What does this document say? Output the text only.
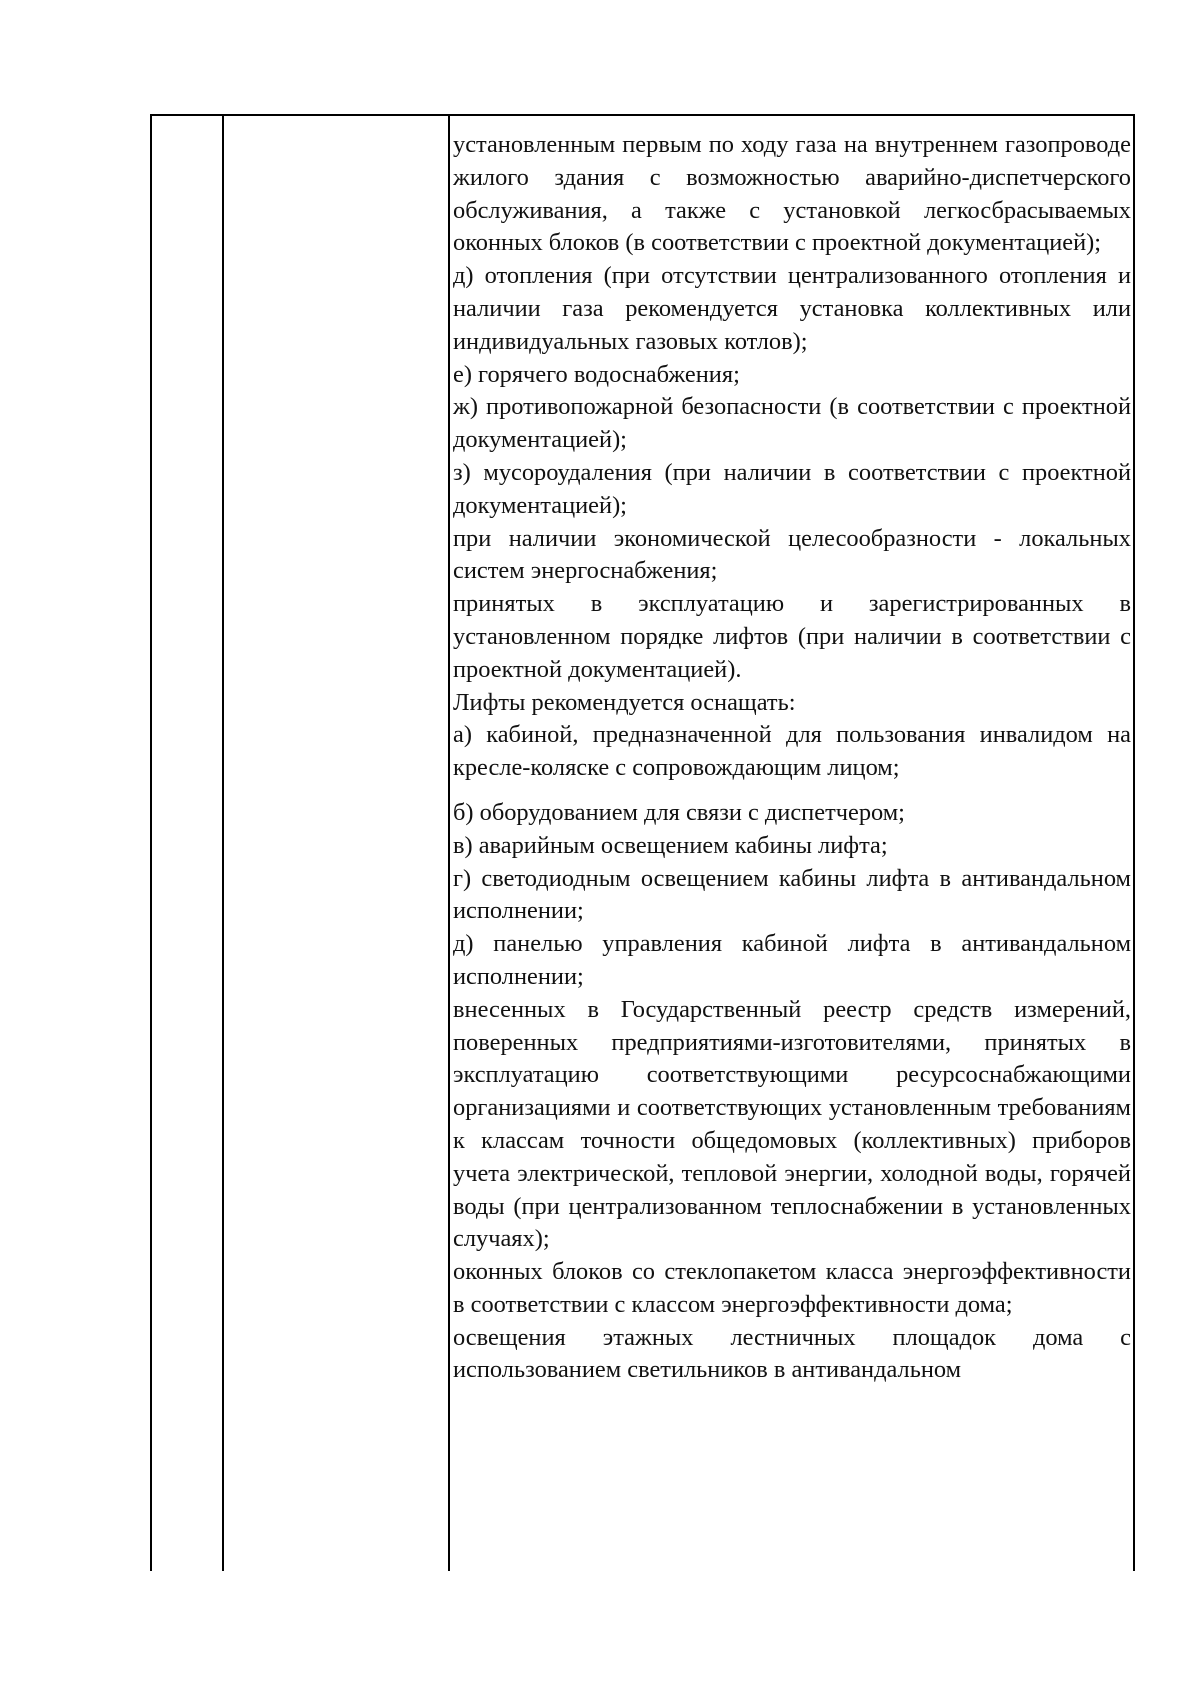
установленным первым по ходу газа на внутреннем газопроводе жилого здания с возможностью аварийно-диспетчерского обслуживания, а также с установкой легкосбрасываемых оконных блоков (в соответствии с проектной документацией);

д) отопления (при отсутствии централизованного отопления и наличии газа рекомендуется установка коллективных или индивидуальных газовых котлов);

е) горячего водоснабжения;

ж) противопожарной безопасности (в соответствии с проектной документацией);

з) мусороудаления (при наличии в соответствии с проектной документацией);

при наличии экономической целесообразности - локальных систем энергоснабжения;

принятых в эксплуатацию и зарегистрированных в установленном порядке лифтов (при наличии в соответствии с проектной документацией).

Лифты рекомендуется оснащать:

а) кабиной, предназначенной для пользования инвалидом на кресле-коляске с сопровождающим лицом;

б) оборудованием для связи с диспетчером;

в) аварийным освещением кабины лифта;

г) светодиодным освещением кабины лифта в антивандальном исполнении;

д) панелью управления кабиной лифта в антивандальном исполнении;

внесенных в Государственный реестр средств измерений, поверенных предприятиями-изготовителями, принятых в эксплуатацию соответствующими ресурсоснабжающими организациями и соответствующих установленным требованиям к классам точности общедомовых (коллективных) приборов учета электрической, тепловой энергии, холодной воды, горячей воды (при централизованном теплоснабжении в установленных случаях);

оконных блоков со стеклопакетом класса энергоэффективности в соответствии с классом энергоэффективности дома;

освещения этажных лестничных площадок дома с использованием светильников в антивандальном
